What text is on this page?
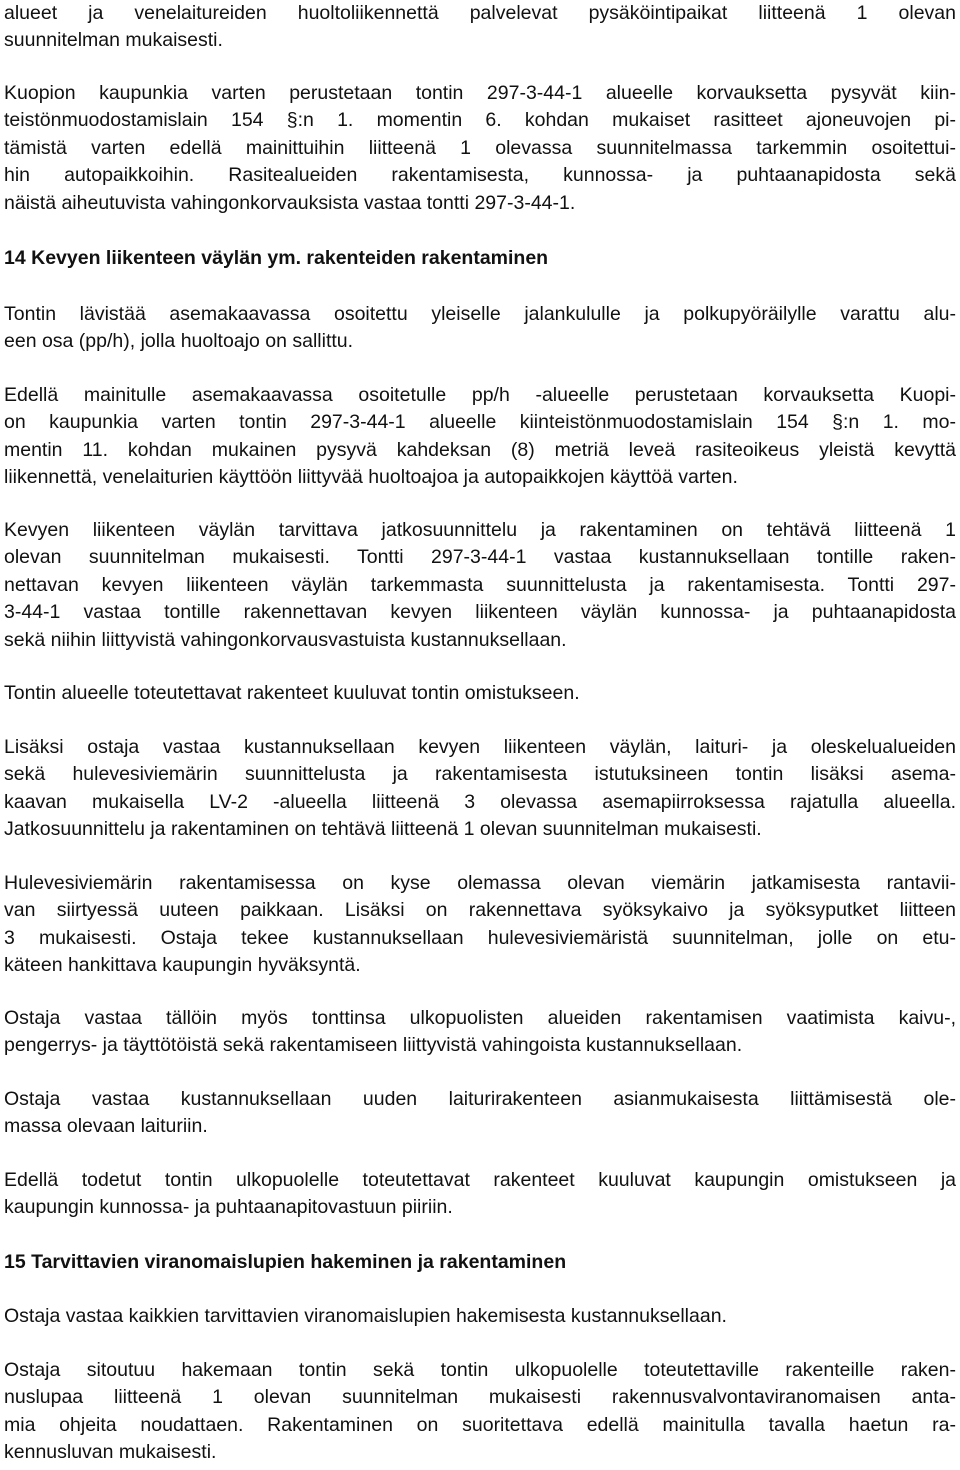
alueet ja venelaitureiden huoltoliikennettä palvelevat pysäköintipaikat liitteenä 1 olevan
suunnitelman mukaisesti.
Kuopion kaupunkia varten perustetaan tontin 297-3-44-1 alueelle korvauksetta pysyvät kiin-
teistönmuodostamislain 154 §:n 1. momentin 6. kohdan mukaiset rasitteet ajoneuvojen pi-
tämistä varten edellä mainittuihin liitteenä 1 olevassa suunnitelmassa tarkemmin osoitettui-
hin autopaikkoihin. Rasitealueiden rakentamisesta, kunnossa- ja puhtaanapidosta sekä
näistä aiheutuvista vahingonkorvauksista vastaa tontti 297-3-44-1.
14 Kevyen liikenteen väylän ym. rakenteiden rakentaminen
Tontin lävistää asemakaavassa osoitettu yleiselle jalankululle ja polkupyöräilylle varattu alu-
een osa (pp/h), jolla huoltoajo on sallittu.
Edellä mainitulle asemakaavassa osoitetulle pp/h -alueelle perustetaan korvauksetta Kuopi-
on kaupunkia varten tontin 297-3-44-1 alueelle kiinteistönmuodostamislain 154 §:n 1. mo-
mentin 11. kohdan mukainen pysyvä kahdeksan (8) metriä leveä rasiteoikeus yleistä kevyttä
liikennettä, venelaiturien käyttöön liittyvää huoltoajoa ja autopaikkojen käyttöä varten.
Kevyen liikenteen väylän tarvittava jatkosuunnittelu ja rakentaminen on tehtävä liitteenä 1
olevan suunnitelman mukaisesti. Tontti 297-3-44-1 vastaa kustannuksellaan tontille raken-
nettavan kevyen liikenteen väylän tarkemmasta suunnittelusta ja rakentamisesta. Tontti 297-
3-44-1 vastaa tontille rakennettavan kevyen liikenteen väylän kunnossa- ja puhtaanapidosta
sekä niihin liittyvistä vahingonkorvausvastuista kustannuksellaan.
Tontin alueelle toteutettavat rakenteet kuuluvat tontin omistukseen.
Lisäksi ostaja vastaa kustannuksellaan kevyen liikenteen väylän, laituri- ja oleskelualueiden
sekä hulevesiviemärin suunnittelusta ja rakentamisesta istutuksineen tontin lisäksi asema-
kaavan mukaisella LV-2 -alueella liitteenä 3 olevassa asemapiirroksessa rajatulla alueella.
Jatkosuunnittelu ja rakentaminen on tehtävä liitteenä 1 olevan suunnitelman mukaisesti.
Hulevesiviemärin rakentamisessa on kyse olemassa olevan viemärin jatkamisesta rantavii-
van siirtyessä uuteen paikkaan. Lisäksi on rakennettava syöksykaivo ja syöksyputket liitteen
3 mukaisesti. Ostaja tekee kustannuksellaan hulevesiviemäristä suunnitelman, jolle on etu-
käteen hankittava kaupungin hyväksyntä.
Ostaja vastaa tällöin myös tonttinsa ulkopuolisten alueiden rakentamisen vaatimista kaivu-,
pengerrys- ja täyttötöistä sekä rakentamiseen liittyvistä vahingoista kustannuksellaan.
Ostaja vastaa kustannuksellaan uuden laiturirakenteen asianmukaisesta liittämisestä ole-
massa olevaan laituriin.
Edellä todetut tontin ulkopuolelle toteutettavat rakenteet kuuluvat kaupungin omistukseen ja
kaupungin kunnossa- ja puhtaanapitovastuun piiriin.
15 Tarvittavien viranomaislupien hakeminen ja rakentaminen
Ostaja vastaa kaikkien tarvittavien viranomaislupien hakemisesta kustannuksellaan.
Ostaja sitoutuu hakemaan tontin sekä tontin ulkopuolelle toteutettaville rakenteille raken-
nuslupaa liitteenä 1 olevan suunnitelman mukaisesti rakennusvalvontaviranomaisen anta-
mia ohjeita noudattaen. Rakentaminen on suoritettava edellä mainitulla tavalla haetun ra-
kennusluvan mukaisesti.
